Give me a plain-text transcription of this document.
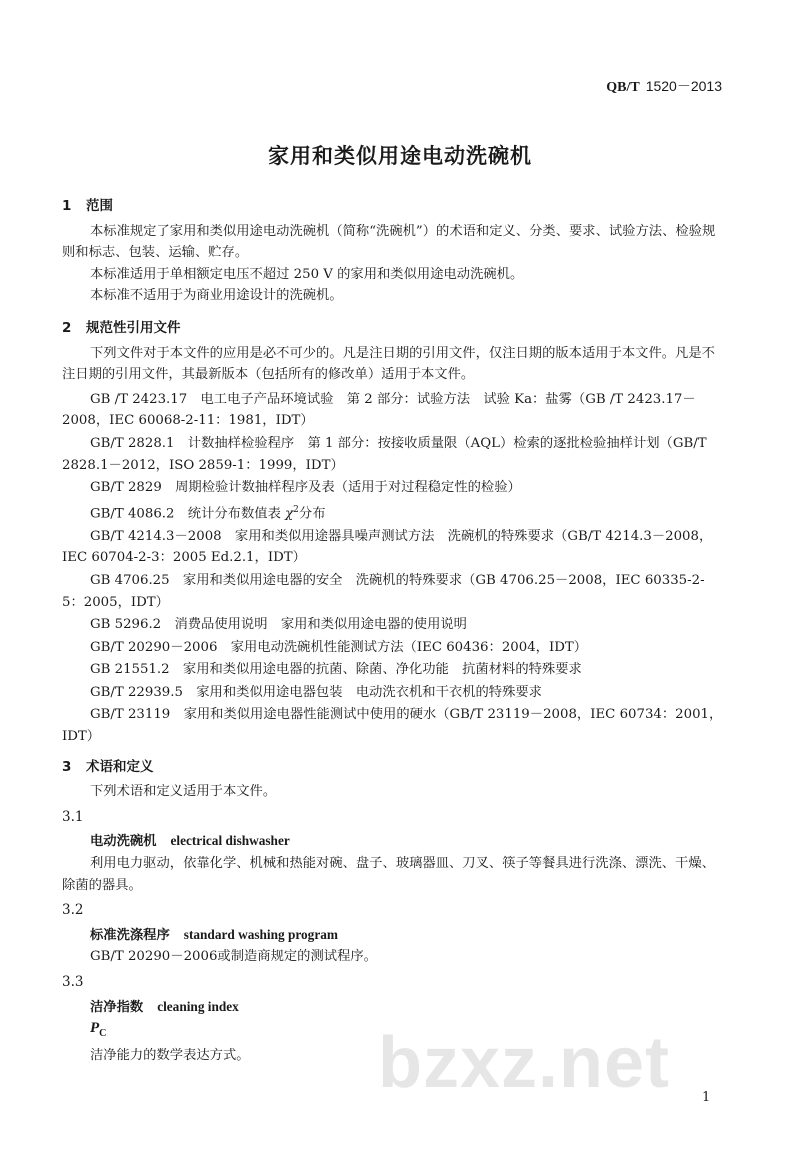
QB/T 1520－2013
家用和类似用途电动洗碗机
1 范围

本标准规定了家用和类似用途电动洗碗机（简称“洗碗机”）的术语和定义、分类、要求、试验方法、检验规则和标志、包装、运输、贮存。

本标准适用于单相额定电压不超过 250 V 的家用和类似用途电动洗碗机。

本标准不适用于为商业用途设计的洗碗机。

2 规范性引用文件

下列文件对于本文件的应用是必不可少的。凡是注日期的引用文件，仅注日期的版本适用于本文件。凡是不注日期的引用文件，其最新版本（包括所有的修改单）适用于本文件。

GB /T 2423.17　电工电子产品环境试验　第 2 部分：试验方法　试验 Ka：盐雾（GB /T 2423.17－2008，IEC 60068-2-11：1981，IDT）

GB/T 2828.1　计数抽样检验程序　第 1 部分：按接收质量限（AQL）检索的逐批检验抽样计划（GB/T 2828.1－2012，ISO 2859-1：1999，IDT）

GB/T 2829　周期检验计数抽样程序及表（适用于对过程稳定性的检验）

GB/T 4086.2　统计分布数值表 $\chi^2$分布

GB/T 4214.3－2008　家用和类似用途器具噪声测试方法　洗碗机的特殊要求（GB/T 4214.3－2008，IEC 60704-2-3：2005 Ed.2.1，IDT）

GB 4706.25　家用和类似用途电器的安全　洗碗机的特殊要求（GB 4706.25－2008，IEC 60335-2-5：2005，IDT）

GB 5296.2　消费品使用说明　家用和类似用途电器的使用说明

GB/T 20290－2006　家用电动洗碗机性能测试方法（IEC 60436：2004，IDT）

GB 21551.2　家用和类似用途电器的抗菌、除菌、净化功能　抗菌材料的特殊要求

GB/T 22939.5　家用和类似用途电器包装　电动洗衣机和干衣机的特殊要求

GB/T 23119　家用和类似用途电器性能测试中使用的硬水（GB/T 23119－2008，IEC 60734：2001，IDT）

3 术语和定义

下列术语和定义适用于本文件。

3.1

电动洗碗机 electrical dishwasher

利用电力驱动，依靠化学、机械和热能对碗、盘子、玻璃器皿、刀叉、筷子等餐具进行洗涤、漂洗、干燥、除菌的器具。

3.2

标准洗涤程序 standard washing program

GB/T 20290－2006或制造商规定的测试程序。

3.3

洁净指数 cleaning index

$P_C$

洁净能力的数学表达方式。	bzxz.net 1
